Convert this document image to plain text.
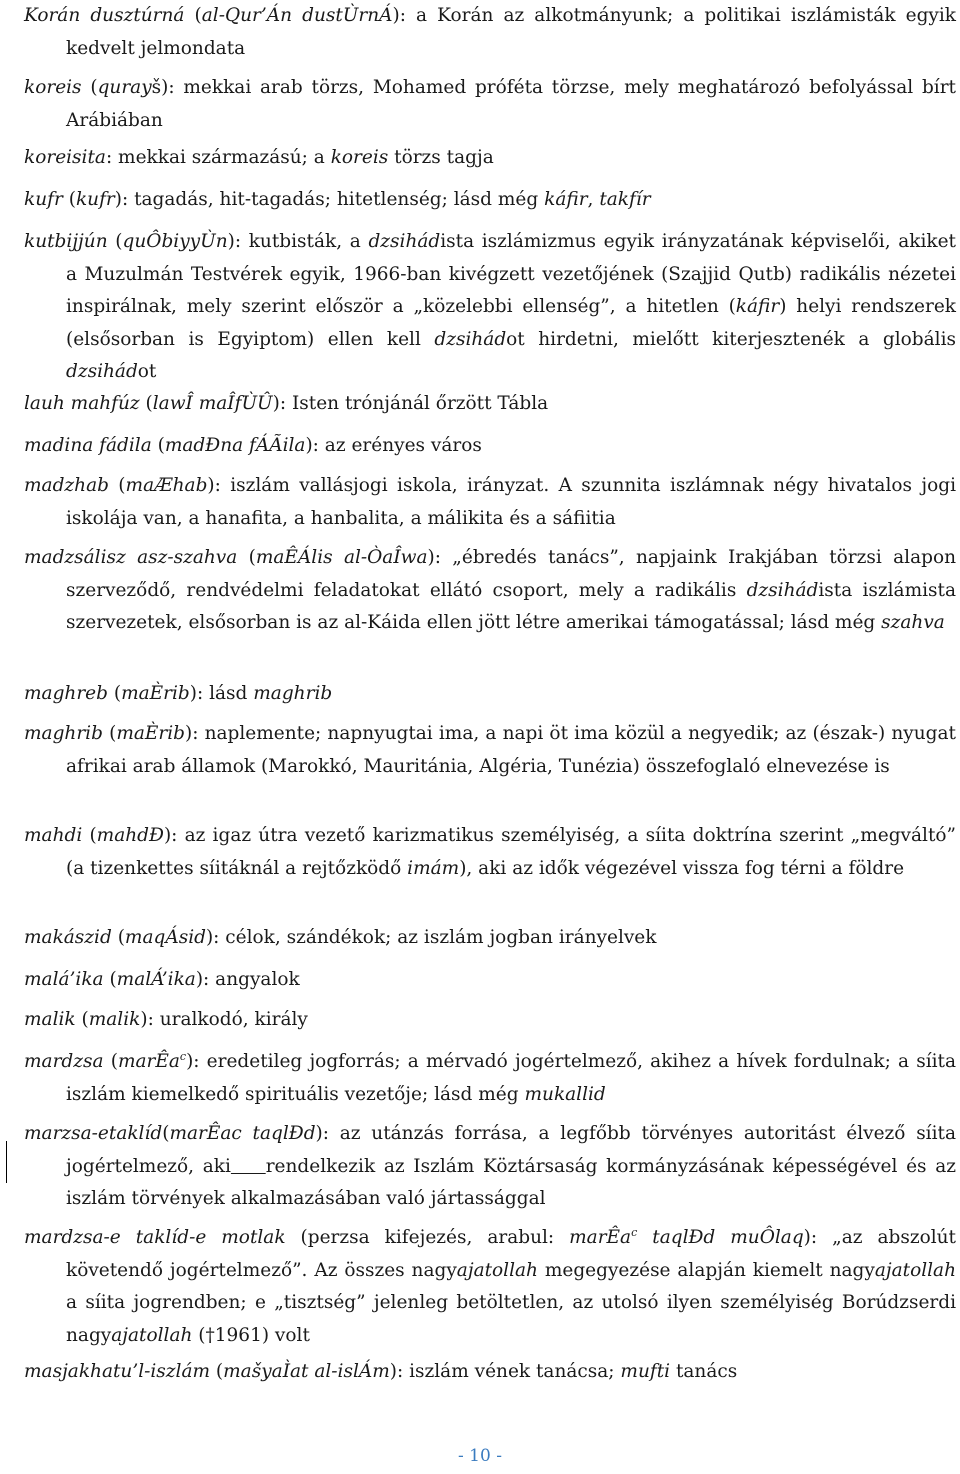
Korán dusztúrná (al-Qur’Án dustÙrnÁ): a Korán az alkotmányunk; a politikai iszlámisták egyik kedvelt jelmondata
koreis (qurayš): mekkai arab törzs, Mohamed próféta törzse, mely meghatározó befolyással bírt Arábiában
koreisita: mekkai származású; a koreis törzs tagja
kufr (kufr): tagadás, hit-tagadás; hitetlenség; lásd még káfir, takfír
kutbijjún (quÔbiyyÙn): kutbisták, a dzsihádista iszlámizmus egyik irányzatának képviselői, akiket a Muzulmán Testvérek egyik, 1966-ban kivégzett vezetőjének (Szajjid Qutb) radikális nézetei inspirálnak, mely szerint először a „közelebbi ellenség”, a hitetlen (káfir) helyi rendszerek (elsősorban is Egyiptom) ellen kell dzsihádot hirdetni, mielőtt kiterjesztenék a globális dzsihádot
lauh mahfúz (lawÎ maÎfÙÛ): Isten trónjánál őrzött Tábla
madina fádila (madÐna fÁÃila): az erényes város
madzhab (maÆhab): iszlám vallásjogi iskola, irányzat. A szunnita iszlámnak négy hivatalos jogi iskolája van, a hanafita, a hanbalita, a málikita és a sáfiitia
madzsálisz asz-szahva (maÊÁlis al-ÒaÎwa): „ébredés tanács”, napjaink Irakjában törzsi alapon szerveződő, rendvédelmi feladatokat ellátó csoport, mely a radikális dzsihádista iszlámista szervezetek, elsősorban is az al-Káida ellen jött létre amerikai támogatással; lásd még szahva
maghreb (maÈrib): lásd maghrib
maghrib (maÈrib): naplemente; napnyugtai ima, a napi öt ima közül a negyedik; az (észak-) nyugat afrikai arab államok (Marokkó, Mauritánia, Algéria, Tunézia) összefoglaló elnevezése is
mahdi (mahdÐ): az igaz útra vezető karizmatikus személyiség, a síita doktrína szerint „megváltó” (a tizenkettes síitáknál a rejtőzködő imám), aki az idők végezével vissza fog térni a földre
makászid (maqÁsid): célok, szándékok; az iszlám jogban irányelvek
malá’ika (malÁ’ika): angyalok
malik (malik): uralkodó, király
mardzsa (marÊa$^c$): eredetileg jogforrás; a mérvadó jogértelmező, akihez a hívek fordulnak; a síita iszlám kiemelkedő spirituális vezetője; lásd még mukallid
marzsa-etaklíd(marÊac taqlÐd): az utánzás forrása, a legfőbb törvényes autoritást élvező síita jogértelmező, aki rendelkezik az Iszlám Köztársaság kormányzásának képességével és az iszlám törvények alkalmazásában való jártassággal
mardzsa-e taklíd-e motlak (perzsa kifejezés, arabul: marÊa$^c$ taqlÐd muÔlaq): „az abszolút követendő jogértelmező”. Az összes nagyajatollah megegyezése alapján kiemelt nagyajatollah a síita jogrendben; e „tisztség” jelenleg betöltetlen, az utolsó ilyen személyiség Borúdzserdi nagyajatollah (†1961) volt
masjakhatu’l-iszlám (mašyaÌat al-islÁm): iszlám vének tanácsa; mufti tanács
- 10 -
